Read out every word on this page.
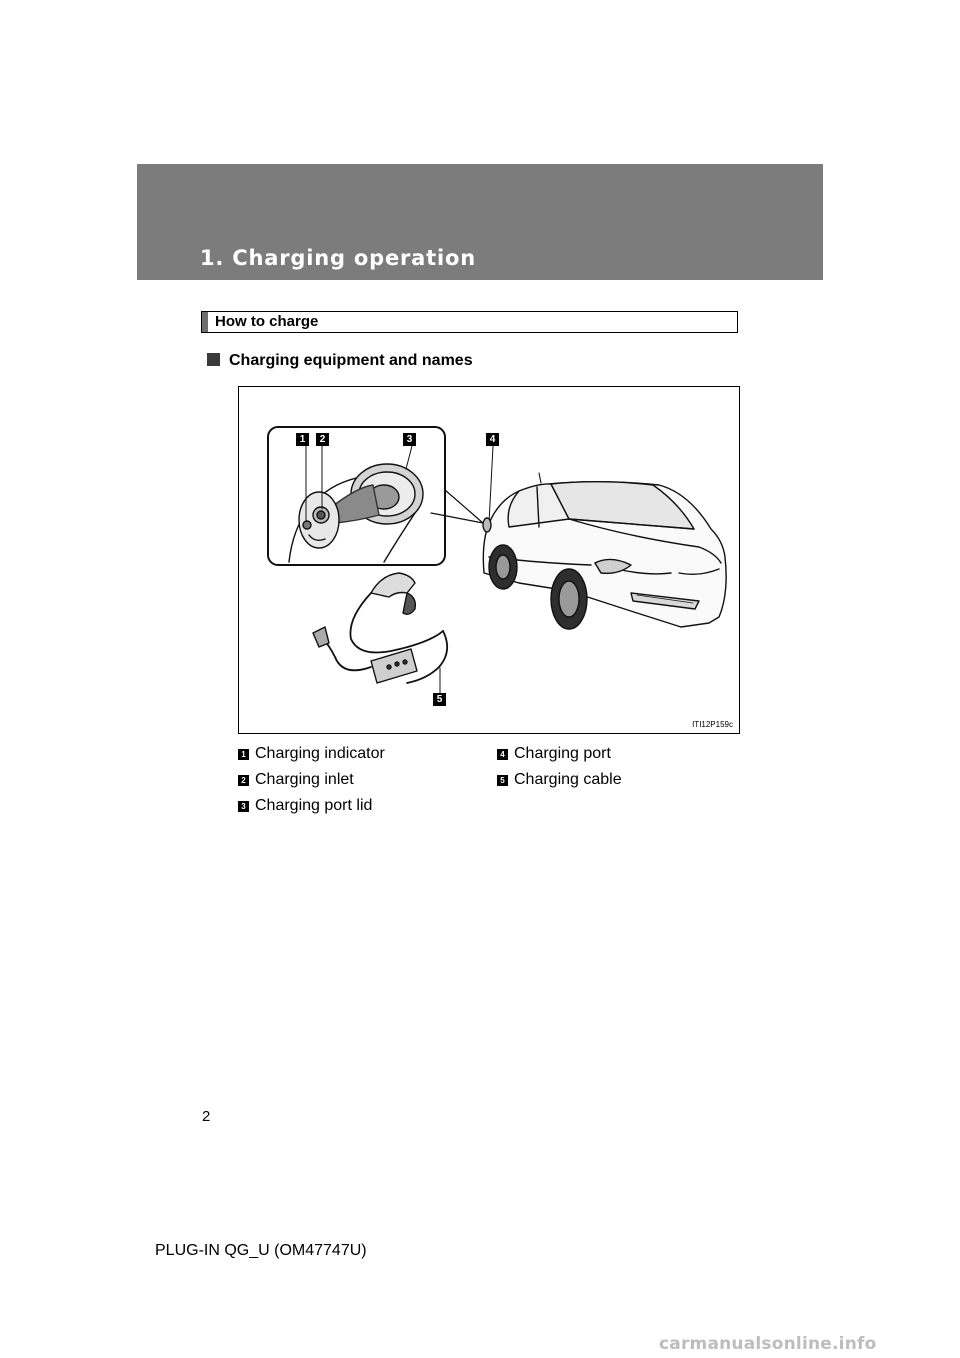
1. Charging operation
How to charge
Charging equipment and names
1	2	3	4
5
ITI12P159c
1 Charging indicator
2 Charging inlet
3 Charging port lid
4 Charging port
5 Charging cable
2
PLUG-IN QG_U (OM47747U)
carmanualsonline.info
